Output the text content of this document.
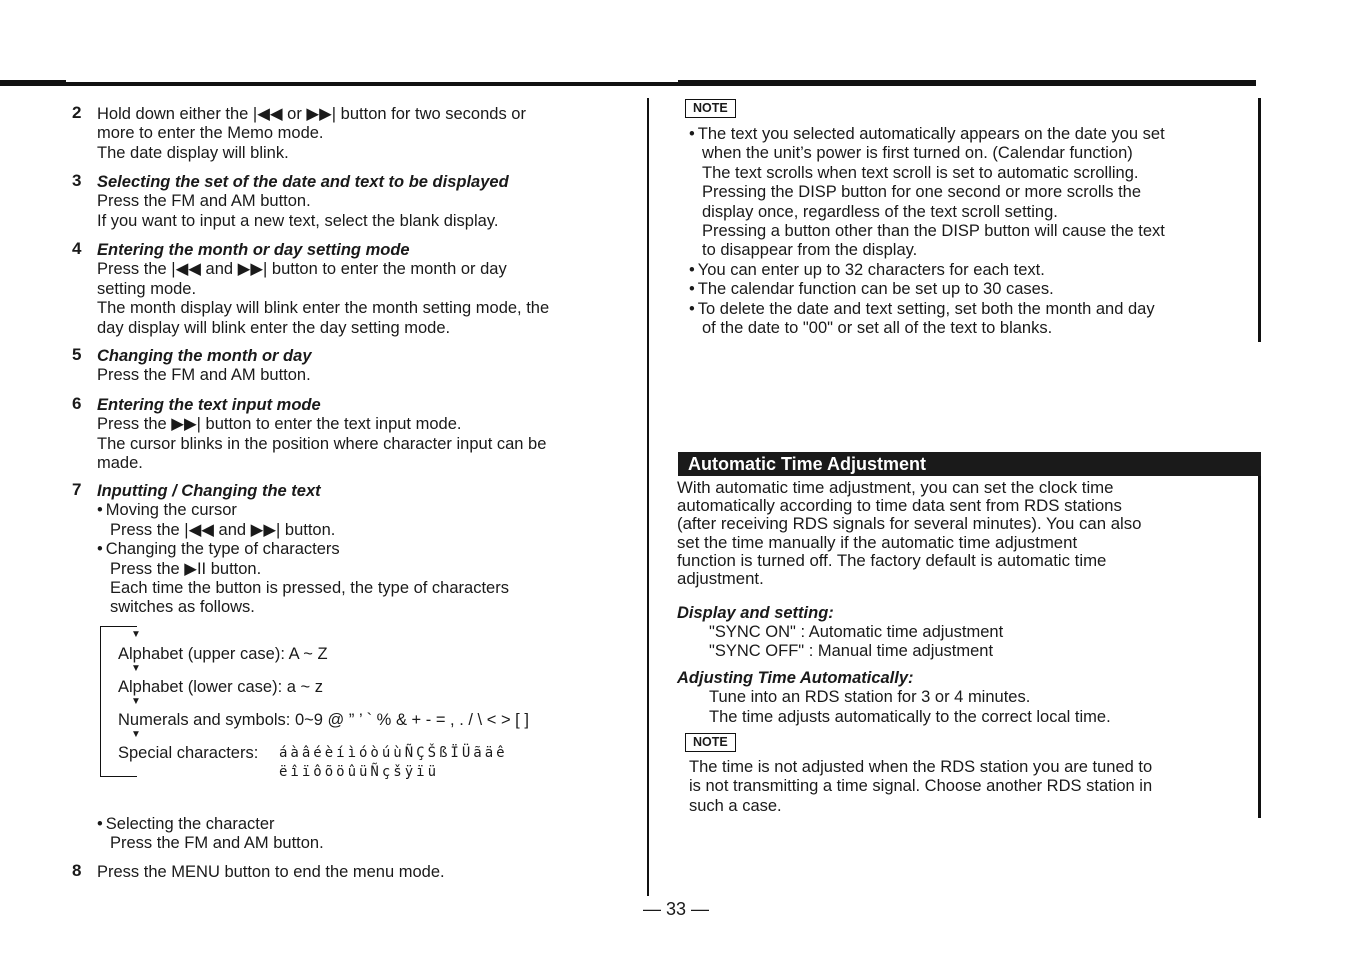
2 Hold down either the |◀◀ or ▶▶| button for two seconds or
more to enter the Memo mode.
The date display will blink.
3 Selecting the set of the date and text to be displayed
Press the FM and AM button.
If you want to input a new text, select the blank display.
4 Entering the month or day setting mode
Press the |◀◀ and ▶▶| button to enter the month or day
setting mode.
The month display will blink enter the month setting mode, the
day display will blink enter the day setting mode.
5 Changing the month or day
Press the FM and AM button.
6 Entering the text input mode
Press the ▶▶| button to enter the text input mode.
The cursor blinks in the position where character input can be
made.
7 Inputting / Changing the text
• Moving the cursor
Press the |◀◀ and ▶▶| button.
• Changing the type of characters
Press the ▶II button.
Each time the button is pressed, the type of characters
switches as follows.
▼
Alphabet (upper case): A ~ Z
▼
Alphabet (lower case): a ~ z
▼
Numerals and symbols: 0~9 @ ” ’ ` % & + - = , . / \ < > [ ]
▼
Special characters: áàâéèíìóòúùÑÇŠßÏÜãäê
ëîïôõöûüÑçšÿïü
• Selecting the character
Press the FM and AM button.
8 Press the MENU button to end the menu mode.
NOTE
• The text you selected automatically appears on the date you set
when the unit’s power is first turned on. (Calendar function)
The text scrolls when text scroll is set to automatic scrolling.
Pressing the DISP button for one second or more scrolls the
display once, regardless of the text scroll setting.
Pressing a button other than the DISP button will cause the text
to disappear from the display.
• You can enter up to 32 characters for each text.
• The calendar function can be set up to 30 cases.
• To delete the date and text setting, set both the month and day
of the date to "00" or set all of the text to blanks.
Automatic Time Adjustment
With automatic time adjustment, you can set the clock time
automatically according to time data sent from RDS stations
(after receiving RDS signals for several minutes). You can also
set the time manually if the automatic time adjustment
function is turned off. The factory default is automatic time
adjustment.
Display and setting:
"SYNC ON" : Automatic time adjustment
"SYNC OFF" : Manual time adjustment
Adjusting Time Automatically:
Tune into an RDS station for 3 or 4 minutes.
The time adjusts automatically to the correct local time.
NOTE
The time is not adjusted when the RDS station you are tuned to
is not transmitting a time signal. Choose another RDS station in
such a case.
— 33 —
